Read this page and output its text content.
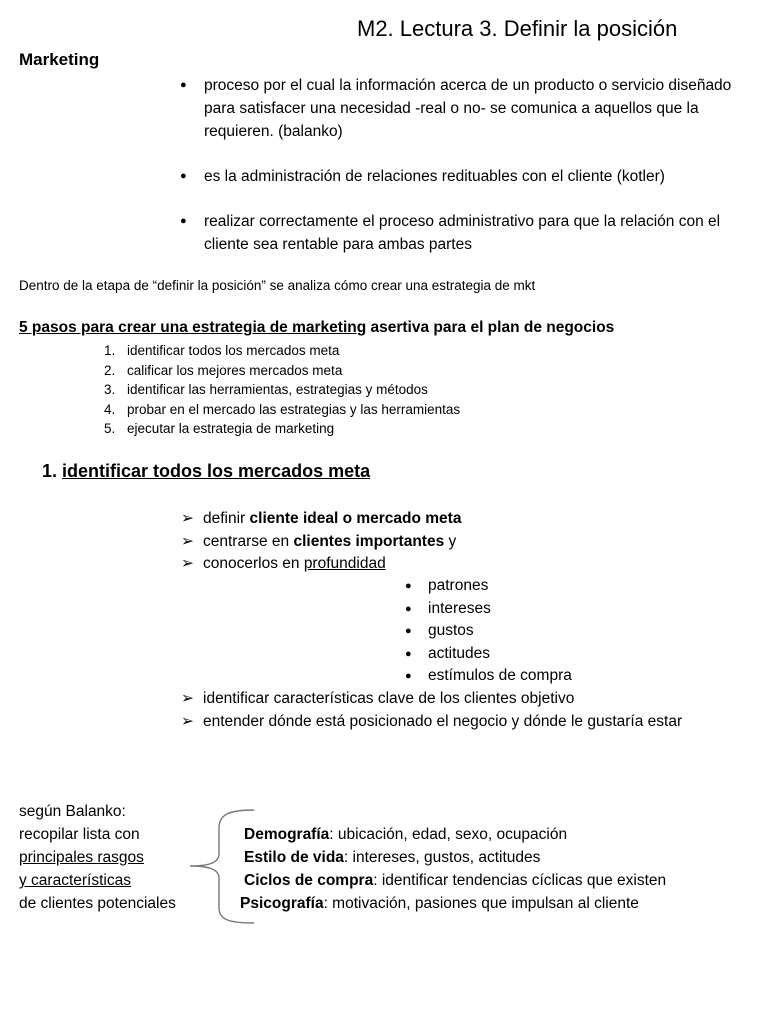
M2. Lectura 3. Definir la posición
Marketing
● proceso por el cual la información acerca de un producto o servicio diseñado para satisfacer una necesidad -real o no- se comunica a aquellos que la requieren. (balanko)
● es la administración de relaciones redituables con el cliente (kotler)
● realizar correctamente el proceso administrativo para que la relación con el cliente sea rentable para ambas partes

Dentro de la etapa de “definir la posición” se analiza cómo crear una estrategia de mkt

5 pasos para crear una estrategia de marketing asertiva para el plan de negocios

1. identificar todos los mercados meta
2. calificar los mejores mercados meta
3. identificar las herramientas, estrategias y métodos
4. probar en el mercado las estrategias y las herramientas
5. ejecutar la estrategia de marketing
1. identificar todos los mercados meta
➢ definir cliente ideal o mercado meta
➢ centrarse en clientes importantes y
➢ conocerlos en profundidad
● patrones
● intereses
● gustos
● actitudes
● estímulos de compra
➢ identificar características clave de los clientes objetivo
➢ entender dónde está posicionado el negocio y dónde le gustaría estar
según Balanko:
recopilar lista con
principales rasgos
y características
de clientes potenciales
Demografía: ubicación, edad, sexo, ocupación
Estilo de vida: intereses, gustos, actitudes
Ciclos de compra: identificar tendencias cíclicas que existen
Psicografía: motivación, pasiones que impulsan al cliente
